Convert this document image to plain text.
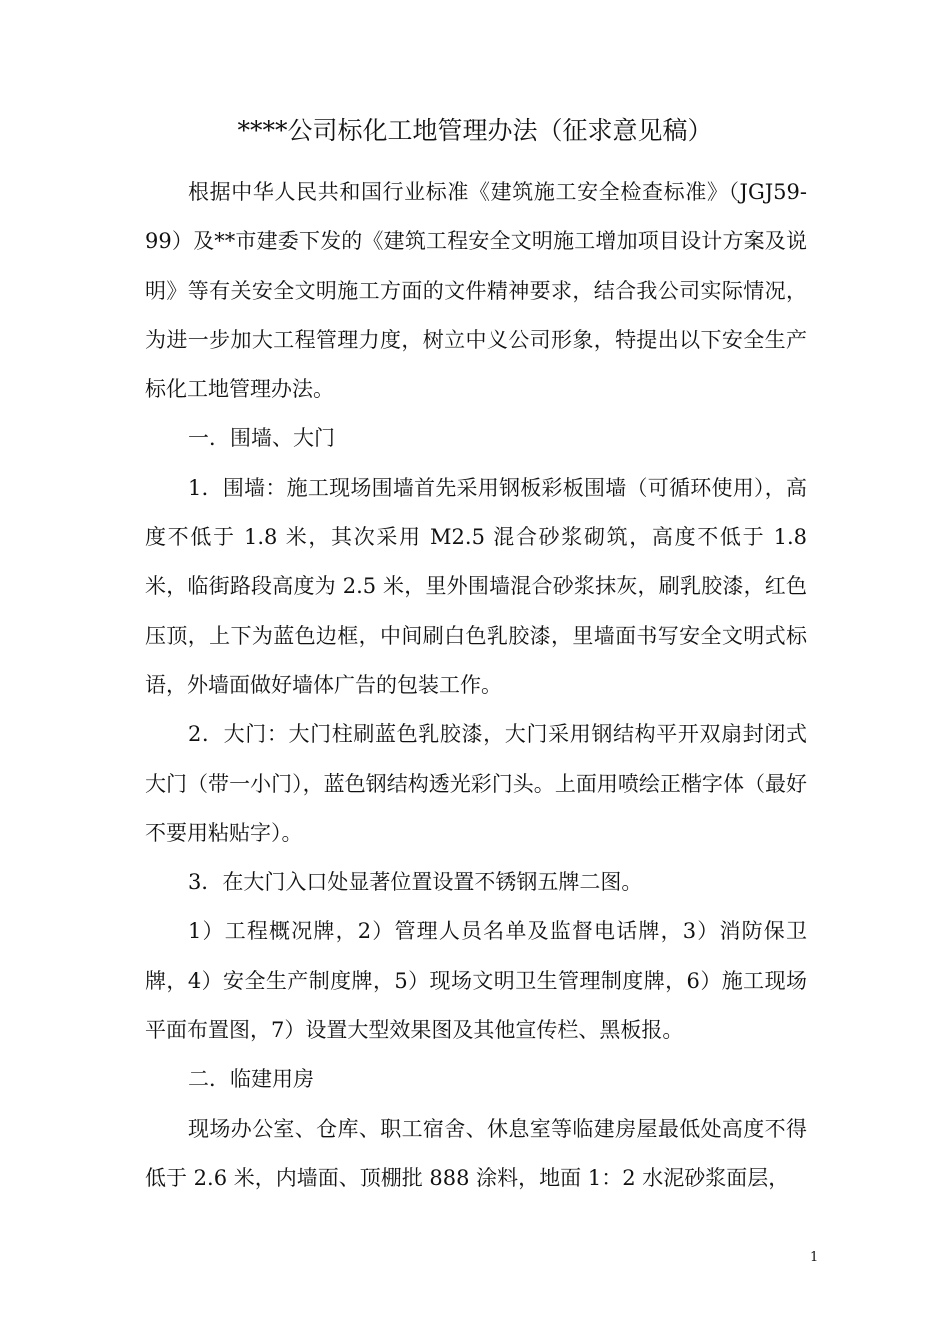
****公司标化工地管理办法（征求意见稿）

根据中华人民共和国行业标准《建筑施工安全检查标准》（JGJ59-99）及**市建委下发的《建筑工程安全文明施工增加项目设计方案及说明》等有关安全文明施工方面的文件精神要求，结合我公司实际情况，为进一步加大工程管理力度，树立中义公司形象，特提出以下安全生产标化工地管理办法。

一．围墙、大门

1．围墙：施工现场围墙首先采用钢板彩板围墙（可循环使用），高度不低于 1.8 米，其次采用 M2.5 混合砂浆砌筑，高度不低于 1.8 米，临街路段高度为 2.5 米，里外围墙混合砂浆抹灰，刷乳胶漆，红色压顶，上下为蓝色边框，中间刷白色乳胶漆，里墙面书写安全文明式标语，外墙面做好墙体广告的包装工作。

2．大门：大门柱刷蓝色乳胶漆，大门采用钢结构平开双扇封闭式大门（带一小门），蓝色钢结构透光彩门头。上面用喷绘正楷字体（最好不要用粘贴字）。

3．在大门入口处显著位置设置不锈钢五牌二图。

1）工程概况牌，2）管理人员名单及监督电话牌，3）消防保卫牌，4）安全生产制度牌，5）现场文明卫生管理制度牌，6）施工现场平面布置图，7）设置大型效果图及其他宣传栏、黑板报。

二．临建用房

现场办公室、仓库、职工宿舍、休息室等临建房屋最低处高度不得低于 2.6 米，内墙面、顶棚批 888 涂料，地面 1：2 水泥砂浆面层，

1
